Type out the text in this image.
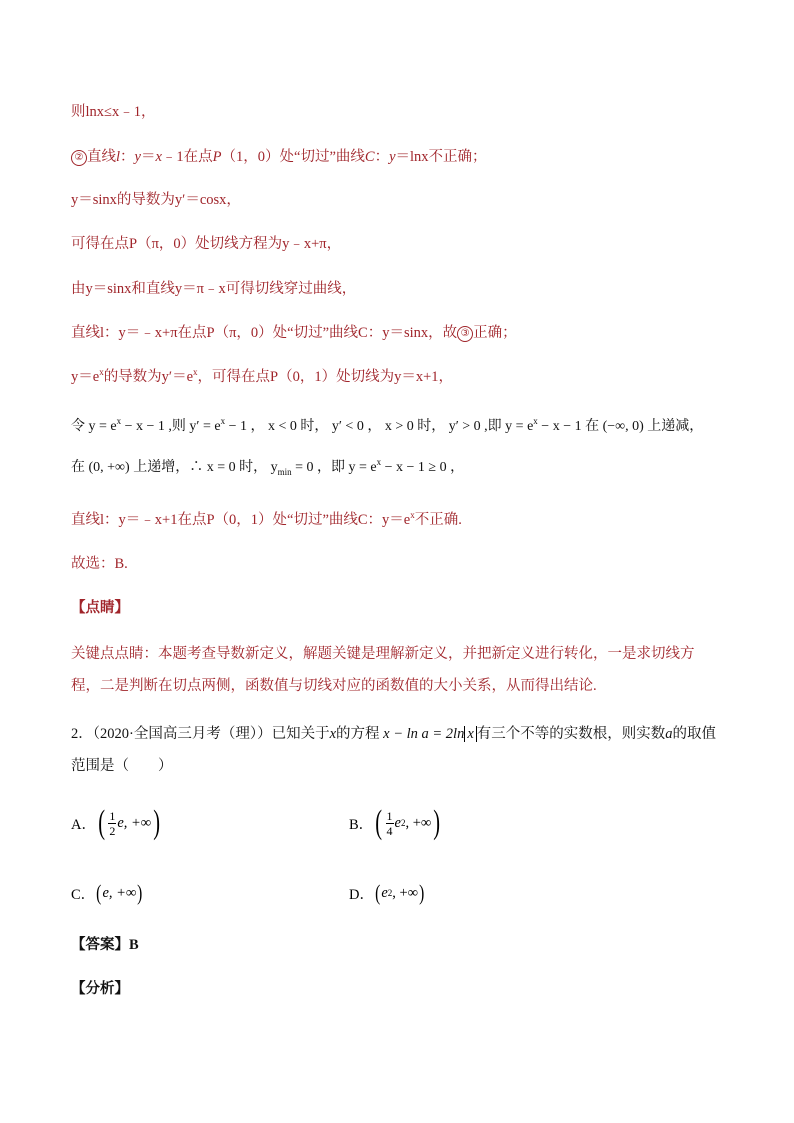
则lnx≤x﹣1，
② 直线l：y＝x﹣1在点P（1，0）处“切过”曲线C：y＝lnx不正确；
y＝sinx的导数为y′＝cosx，
可得在点P（π，0）处切线方程为y﹣x+π，
由y＝sinx和直线y＝π﹣x可得切线穿过曲线，
直线l：y＝﹣x+π在点P（π，0）处“切过”曲线C：y＝sinx，故 ③ 正确；
$y=e^x$的导数为$y'=e^x$，可得在点P（0，1）处切线为y＝x+1，
令 $y = e^x - x - 1$ ,则 $y' = e^x - 1$ ， x < 0 时， y′ < 0 ， x > 0 时， y′ > 0 ,即 $y = e^x - x - 1$ 在 (−∞, 0) 上递减，
在 (0, +∞) 上递增，∴ x = 0 时， $y_{min} = 0$ ，即 $y = e^x - x - 1 \ge 0$ ，
直线l：y＝﹣x+1在点P（0，1）处“切过”曲线C：$y=e^x$不正确.
故选：B.
【点睛】
关键点点睛：本题考查导数新定义，解题关键是理解新定义，并把新定义进行转化，一是求切线方程，二是判断在切点两侧，函数值与切线对应的函数值的大小关系，从而得出结论.
2．（2020·全国高三月考（理））已知关于x的方程 x − ln a = 2ln x 有三个不等的实数根，则实数a的取值
范围是（　　）
A． ( $\frac{1}{2} e$, +∞ )	B． ( $\frac{1}{4}$ e 2 , +∞ )
C． ( e, +∞ )	D． ( e 2 , +∞ )
【答案】B
【分析】
